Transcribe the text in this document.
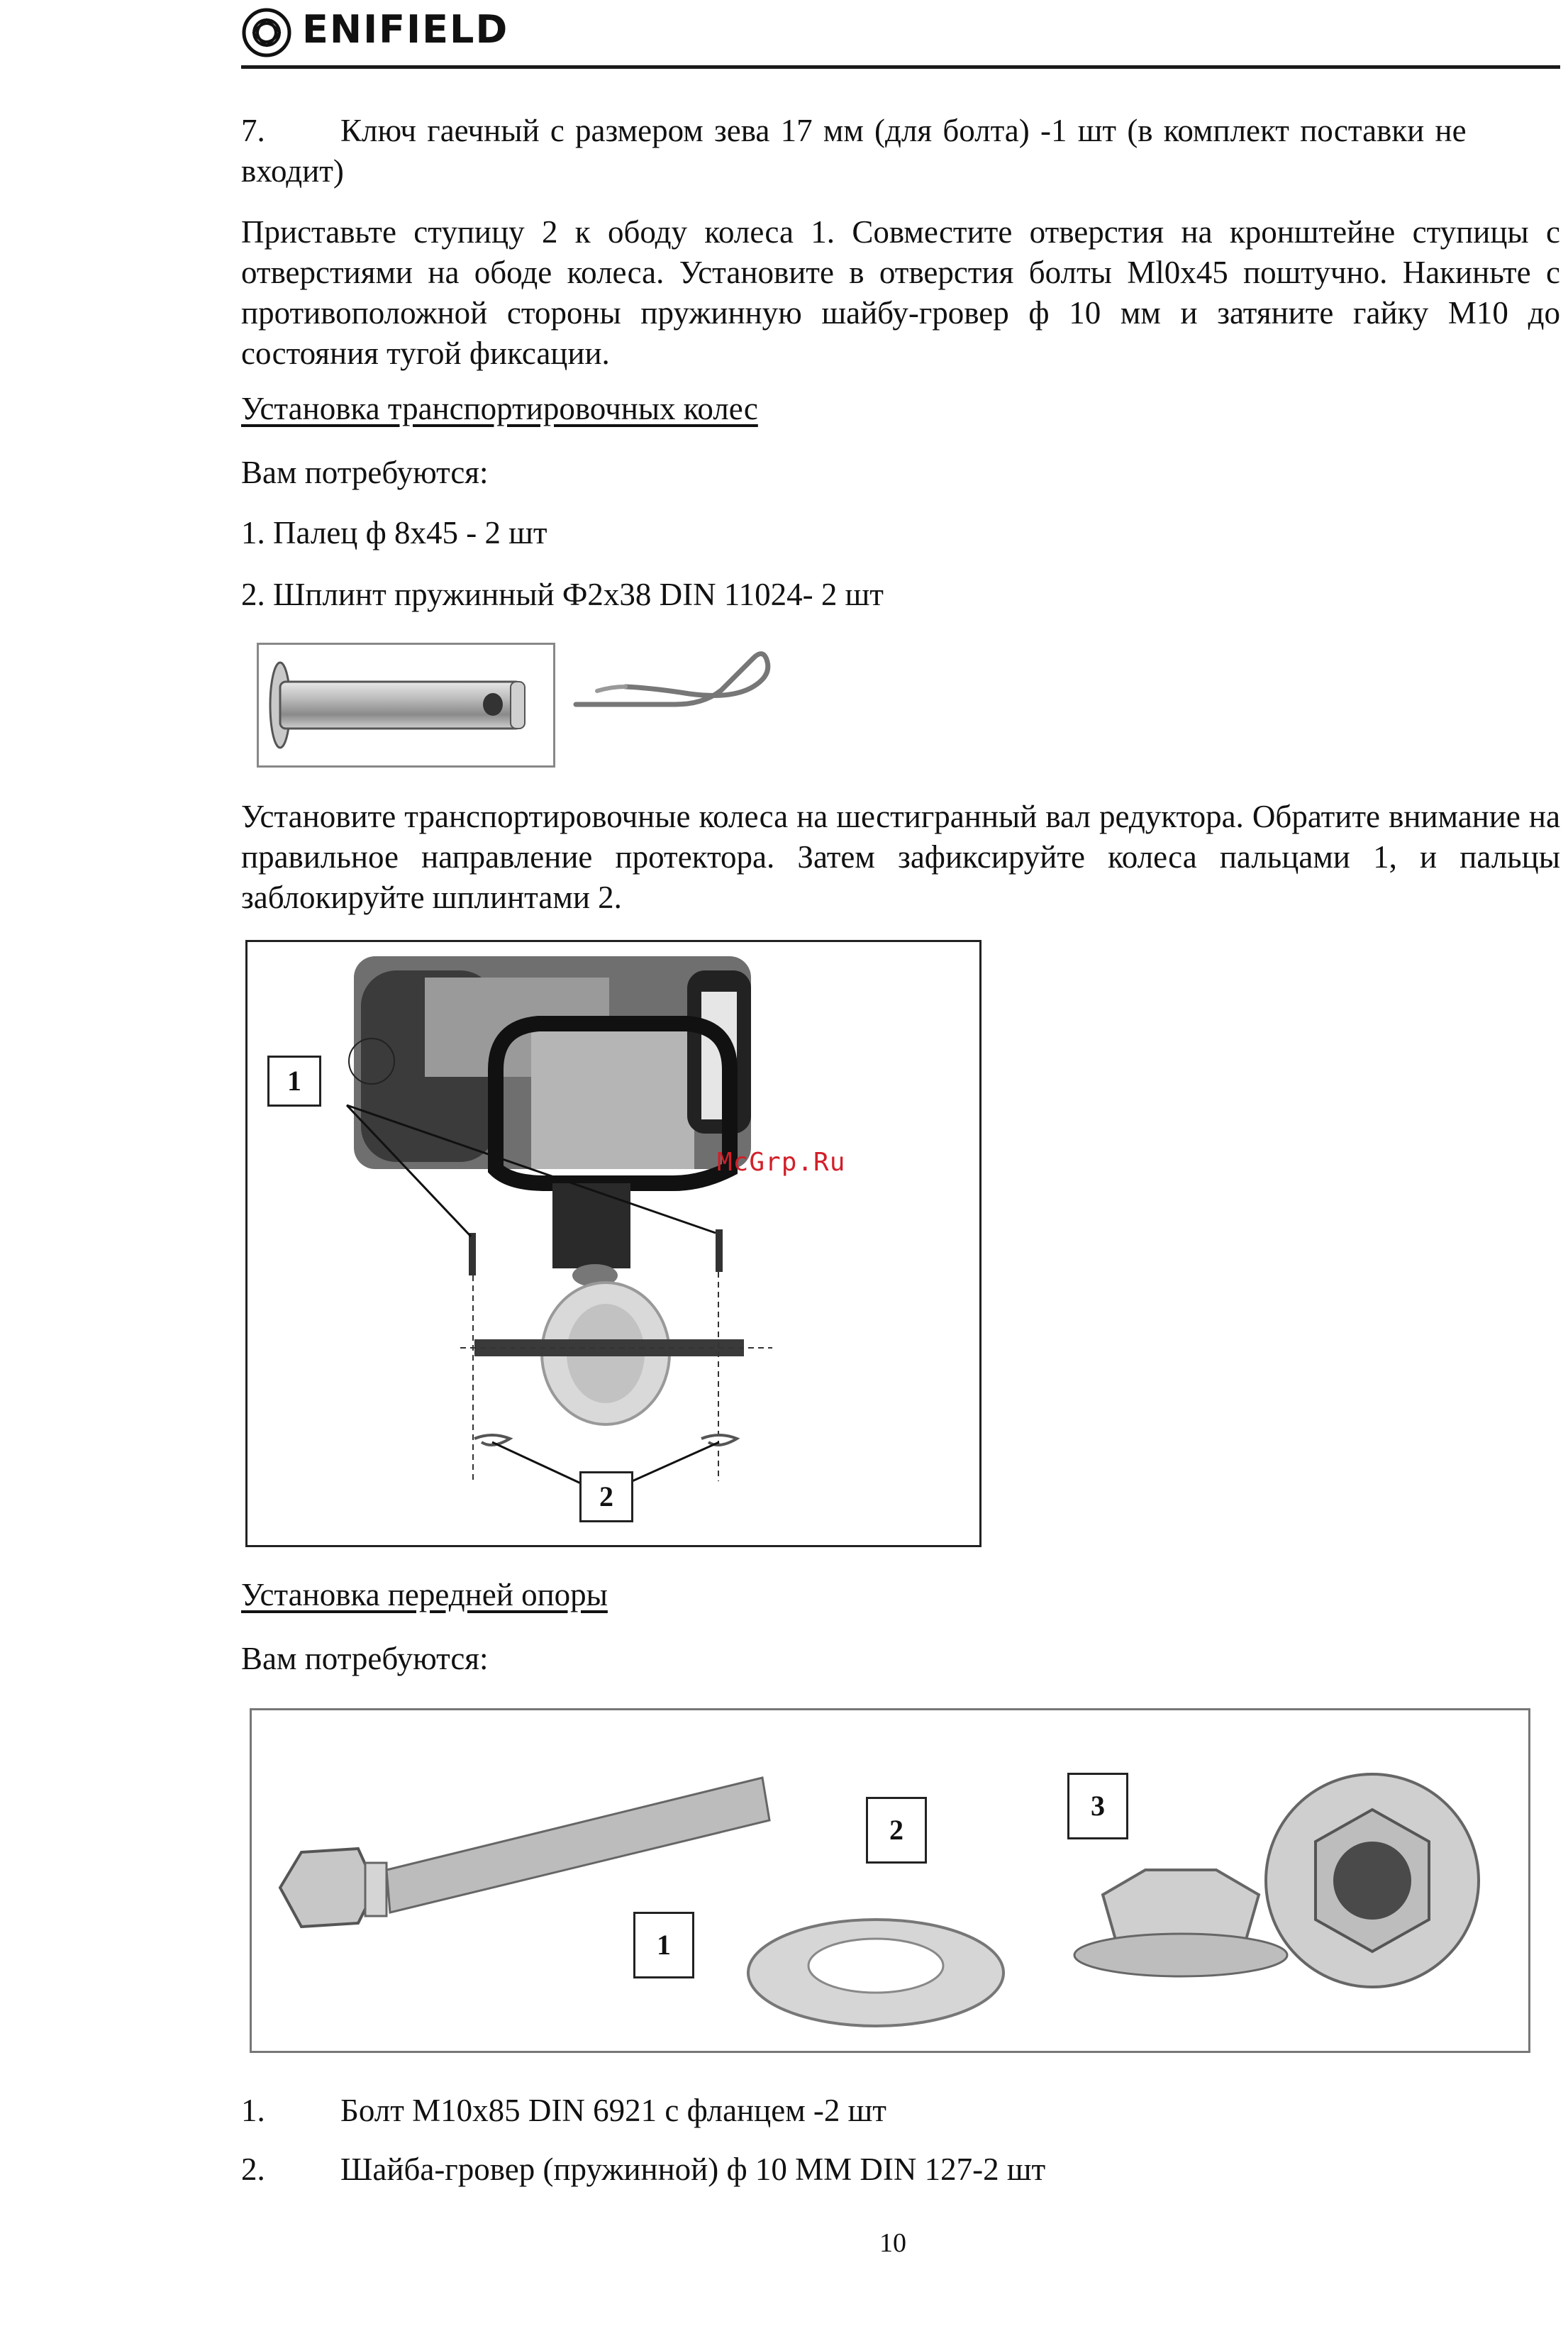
ENIFIELD
7. Ключ гаечный с размером зева 17 мм (для болта) -1 шт (в комплект поставки не
входит)
Приставьте ступицу 2 к ободу колеса 1. Совместите отверстия на кронштейне ступицы с отверстиями на ободе колеса. Установите в отверстия болты Ml0x45 поштучно. Накиньте с противоположной стороны пружинную шайбу-гровер ф 10 мм и затяните гайку М10 до состояния тугой фиксации.
Установка транспортировочных колес
Вам потребуются:
1. Палец ф 8х45 - 2 шт
2. Шплинт пружинный Ф2х38 DIN 11024- 2 шт
Установите транспортировочные колеса на шестигранный вал редуктора. Обратите внимание на правильное направление протектора. Затем зафиксируйте колеса пальцами 1, и пальцы заблокируйте шплинтами 2.
1
2
McGrp.Ru
Установка передней опоры
Вам потребуются:
1
2
3
1. Болт М10х85 DIN 6921 с фланцем -2 шт
2. Шайба-гровер (пружинной) ф 10 ММ DIN 127-2 шт
10
